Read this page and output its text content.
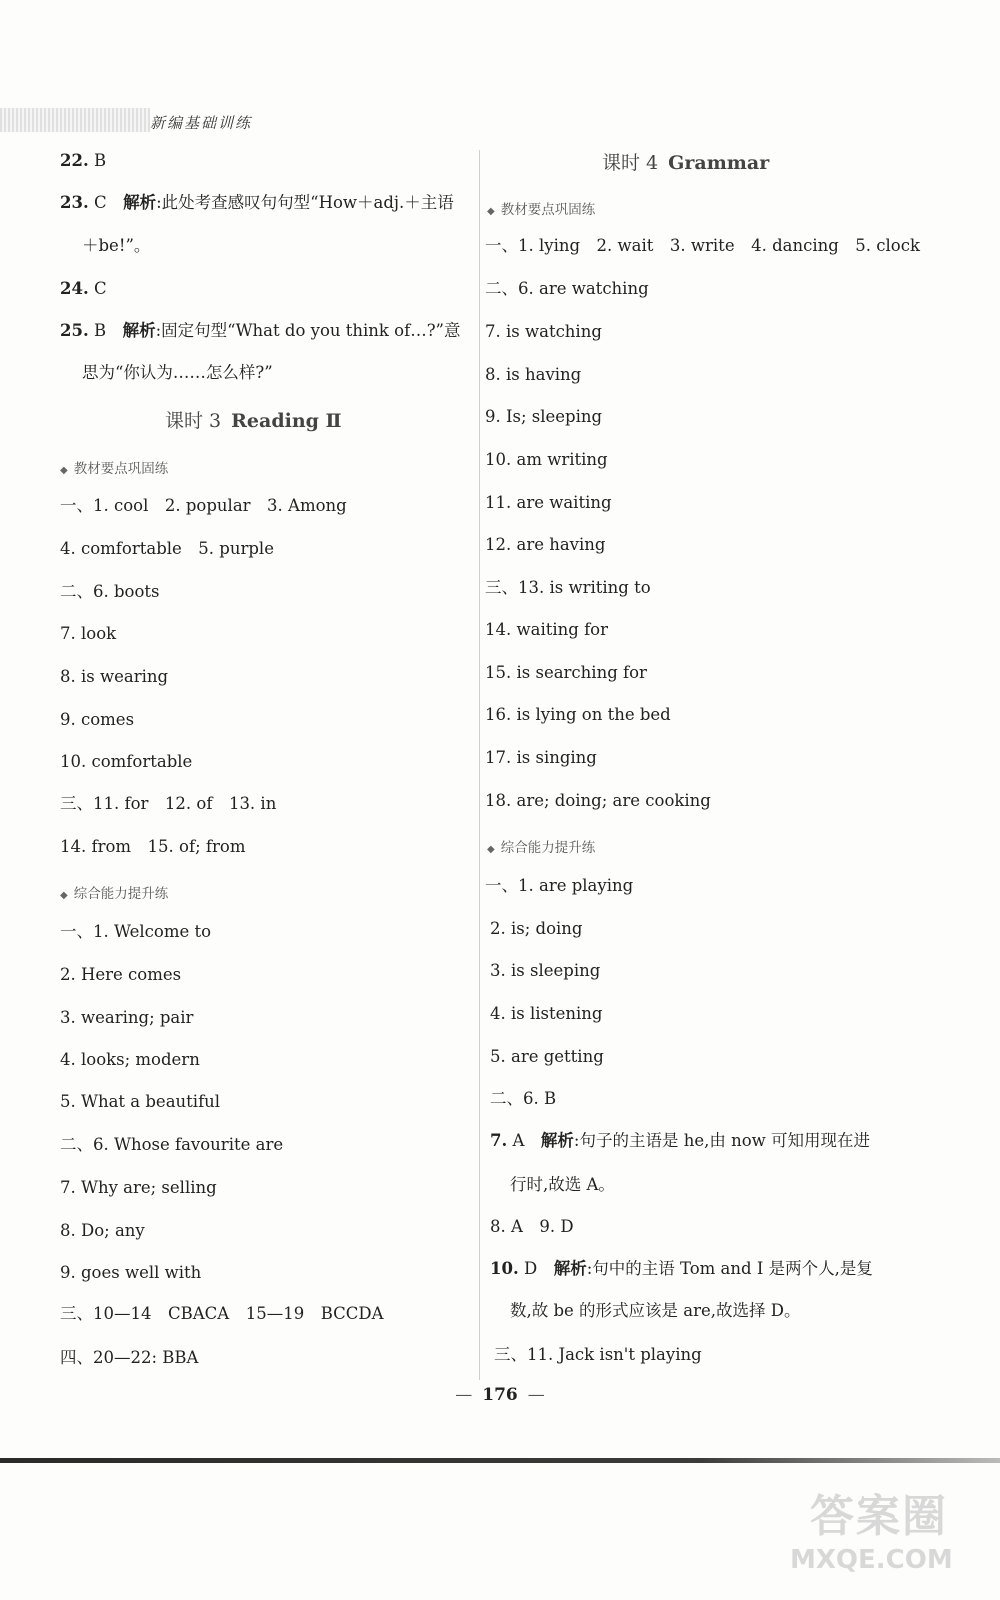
新编基础训练
22. B
23. C　解析:此处考查感叹句句型“How＋adj.＋主语
＋be!”。
24. C
25. B　解析:固定句型“What do you think of…?”意
思为“你认为……怎么样?”
课时 3 Reading Ⅱ
◆ 教材要点巩固练
一、1. cool　2. popular　3. Among
4. comfortable　5. purple
二、6. boots
7. look
8. is wearing
9. comes
10. comfortable
三、11. for　12. of　13. in
14. from　15. of; from
◆ 综合能力提升练
一、1. Welcome to
2. Here comes
3. wearing; pair
4. looks; modern
5. What a beautiful
二、6. Whose favourite are
7. Why are; selling
8. Do; any
9. goes well with
三、10—14　CBACA　15—19　BCCDA
四、20—22: BBA
课时 4 Grammar
◆ 教材要点巩固练
一、1. lying　2. wait　3. write　4. dancing　5. clock
二、6. are watching
7. is watching
8. is having
9. Is; sleeping
10. am writing
11. are waiting
12. are having
三、13. is writing to
14. waiting for
15. is searching for
16. is lying on the bed
17. is singing
18. are; doing; are cooking
◆ 综合能力提升练
一、1. are playing
2. is; doing
3. is sleeping
4. is listening
5. are getting
二、6. B
7. A　解析:句子的主语是 he,由 now 可知用现在进
行时,故选 A。
8. A　9. D
10. D　解析:句中的主语 Tom and I 是两个人,是复
数,故 be 的形式应该是 are,故选择 D。
三、11. Jack isn't playing
— 176 —
答案圈
MXQE.COM
